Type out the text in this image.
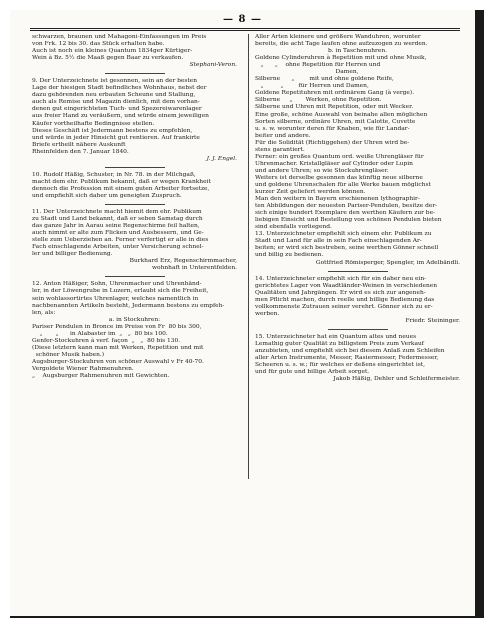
— 8 —

schwarzen, braunen und Mahagoni-Einfassungen im Preis
von Frk. 12 bis 30. das Stück erhalten habe.

Auch ist noch ein kleines Quantum 1834ger Kürtiger-
Wein à Bz. 5½ die Maaß gegen Baar zu verkaufen.

Stephani-Veron.

9. Der Unterzeichnete ist gesonnen, sein an der besten
Lage der hiesigen Stadt befindliches Wohnhaus, nebst der
dazu gehörenden neu erbauten Scheune und Stallung,
auch als Remise und Magazin dienlich, mit dem vorhan-
denen gut eingerichteten Tuch- und Spezereiwarenlager
aus freier Hand zu veräußern, und würde einem jeweiligen
Käufer vortheilhafte Bedingnisse stellen.

Dieses Geschäft ist Jedermann bestens zu empfehlen,
und würde in jeder Hinsicht gut rentieren. Auf frankirte
Briefe ertheilt nähere Auskunft

Rheinfelden den 7. Januar 1840.

J. J. Engel.

10. Rudolf Häßig, Schuster, in Nr. 78. in der Milchgaß,
macht dem ehr. Publikum bekannt, daß er wegen Krankheit
dennoch die Profession mit einem guten Arbeiter fortsetze,
und empfiehlt sich daher um geneigten Zuspruch.

11. Der Unterzeichnete macht hiemit dem ehr. Publikum
zu Stadt und Land bekannt, daß er seben Samstag durch
das ganze Jahr in Aarau seine Regenschirme feil halten,
auch nimmt er alte zum Flicken und Ausbessern, und Ge-
stelle zum Ueberziehen an. Ferner verfertigt er alle in dies
Fach einschlagende Arbeiten, unter Versicherung schnel-
ler und billiger Bedienung.

Burkhard Erz, Regenschirmmacher,
wohnhaft in Unterentfelden.

12. Anton Häßiger, Sohn, Uhrenmacher und Uhrenhänd-
ler, in der Löwengrube in Luzern, erlaubt sich die Freiheit,
sein wohlassortirtes Uhrenlager, welches namentlich in
nachbenannten Artikeln besteht, Jedermann bestens zu empfeh-
len, als:

a. in Stockuhren:

Pariser Pendulen in Bronce im Preise von Fr  80 bis 300,
„       „      in Alabaster im  „   „  80 bis 100.
Genfer-Stockuhren à verf. façon  „   „  80 bis 130.
(Diese letztern kann man mit Werken, Repetition und mit
schöner Musik haben.)

Augsburger-Stockuhren von schöner Auswahl v Fr 40-70.
Vergoldete Wiener Rahmenuhren.

„    Augsburger Rahmenuhren mit Gewichten.

Aller Arten kleinere und größere Wanduhren, worunter
bereits, die acht Tage laufen ohne aufzuzogen zu werden.

b. in Taschenuhren.

Goldene Cylinderuhren à Repetition mit und ohne Musik,
„      „    ohne Repetition für Herren und
Damen,

Silberne      „        mit und ohne goldene Reife,
„         „        für Herren und Damen,

Goldene Repetituhren mit ordinärem Gang (à verge).
Silberne     „       Werken, ohne Repetition.
Silberne und Uhren mit Repetition, oder mit Wecker.
Eine große, schöne Auswahl von beinahe allen möglichen
Sorten silberne, ordinäre Uhren, mit Calotte, Cuvette
u. s. w. worunter deren für Knaben, wie für Landar-
beiter und andere.

Für die Solidität (Richtiggehen) der Uhren wird be-
stens garantiert.

Ferner: ein großes Quantum ord. weiße Uhrengläser für
Uhrenmacher. Kristallgläser auf Cylinder oder Lupin
und andere Uhren; so wie Stockuhrengläser.

Weiters ist derselbe gesonnen das künftig neue silberne
und goldene Uhrenschalen für alle Werke bauen möglichst
kurzer Zeit geliefert werden können.

Man den weitern in Bayern erschienenen lythographir-
ten Abbildungen der neuesten Pariser-Pendulen, besitze der-
sich einige hundert Exemplare den werthen Käufern zur be-
liebigen Einsicht und Bestellung von schönen Pendulen bieten
sind ebenfalls vorliegend.

13. Unterzeichneter empfiehlt sich einem ehr. Publikum zu
Stadt und Land für alle in sein Fach einschlagenden Ar-
beiten; er wird sich bestreben, seine werthen Gönner schnell
und billig zu bedienen.

Gottfried Römisperger, Spengler, im Adelbändli.

14. Unterzeichneter empfiehlt sich für ein daher neu ein-
gerichtetes Lager von Waadtländer-Weinen in verschiedenen
Qualitäten und Jahrgängen. Er wird es sich zur angeneh-
men Pflicht machen, durch reelle und billige Bedienung das
vollkommenste Zutrauen seiner verehrt. Gönner sich zu er-
werben.

Friedr. Steininger.

15. Unterzeichneter hat ein Quantum altes und neues
Lemathig guter Qualität zu billigstem Preis zum Verkauf
anzubieten, und empfiehlt sich bei diesem Anlaß zum Schleifen
aller Arten Instrumente, Messer, Rasiermesser, Federmesser,
Scheeren u. s. w.; für welches er deßens eingerichtet ist,
und für gute und billige Arbeit sorget.

Jakob Häßig, Dehler und Schleifermeister.
